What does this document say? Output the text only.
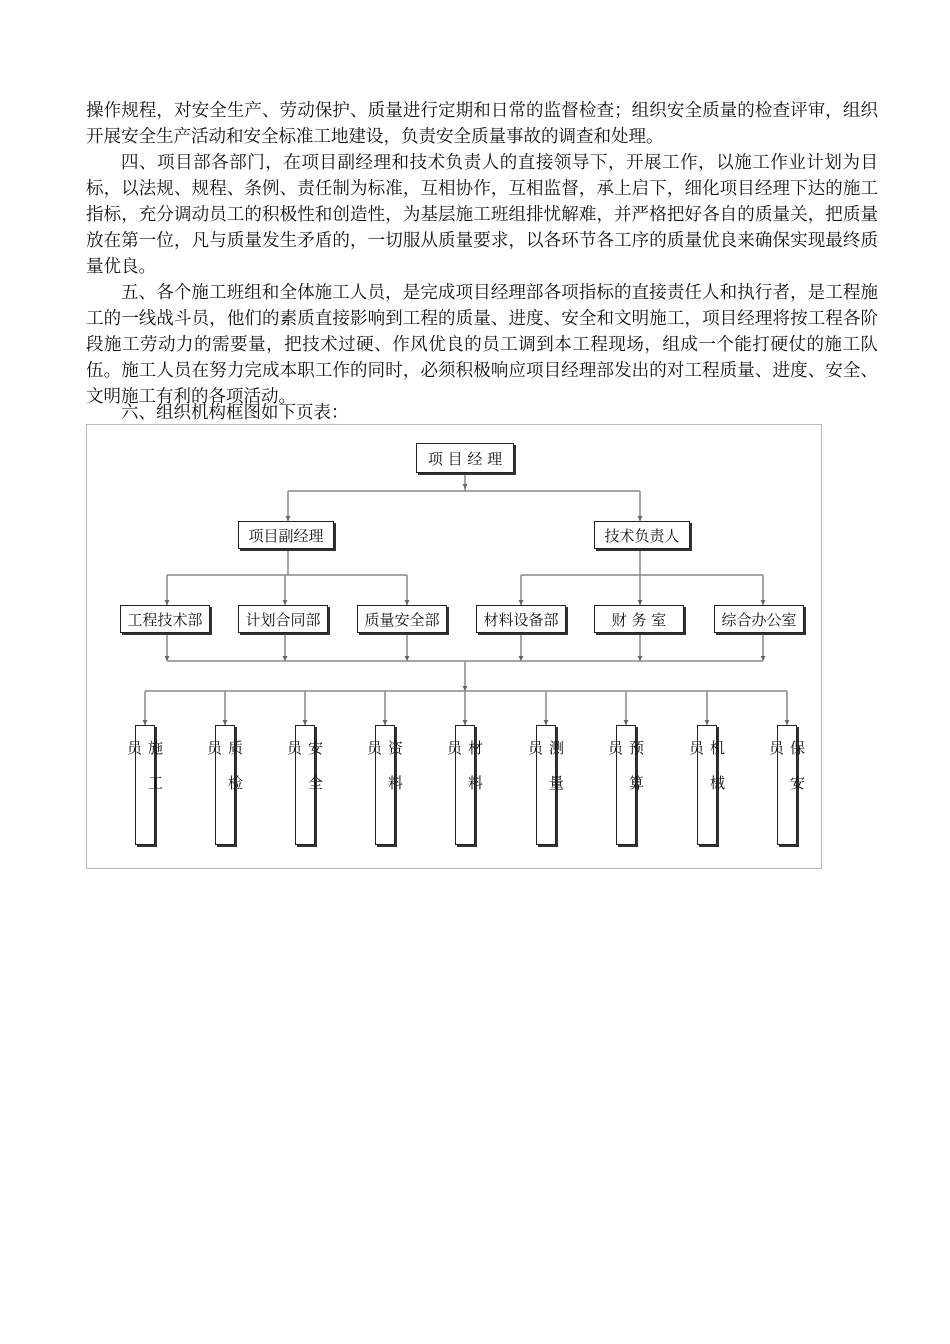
操作规程，对安全生产、劳动保护、质量进行定期和日常的监督检查；组织安全质量的检查评审，组织开展安全生产活动和安全标准工地建设，负责安全质量事故的调查和处理。

四、项目部各部门，在项目副经理和技术负责人的直接领导下，开展工作，以施工作业计划为目标，以法规、规程、条例、责任制为标准，互相协作，互相监督，承上启下，细化项目经理下达的施工指标，充分调动员工的积极性和创造性，为基层施工班组排忧解难，并严格把好各自的质量关，把质量放在第一位，凡与质量发生矛盾的，一切服从质量要求，以各环节各工序的质量优良来确保实现最终质量优良。

五、各个施工班组和全体施工人员，是完成项目经理部各项指标的直接责任人和执行者，是工程施工的一线战斗员，他们的素质直接影响到工程的质量、进度、安全和文明施工，项目经理将按工程各阶段施工劳动力的需要量，把技术过硬、作风优良的员工调到本工程现场，组成一个能打硬仗的施工队伍。施工人员在努力完成本职工作的同时，必须积极响应项目经理部发出的对工程质量、进度、安全、文明施工有利的各项活动。

六、组织机构框图如下页表：

项 目 经 理
项目副经理	技术负责人
工程技术部	计划合同部	质量安全部	材料设备部	财 务 室	综合办公室
施工员	质检员	安全员	资料员	材料员	测量员	预算员	机械员	保安员
